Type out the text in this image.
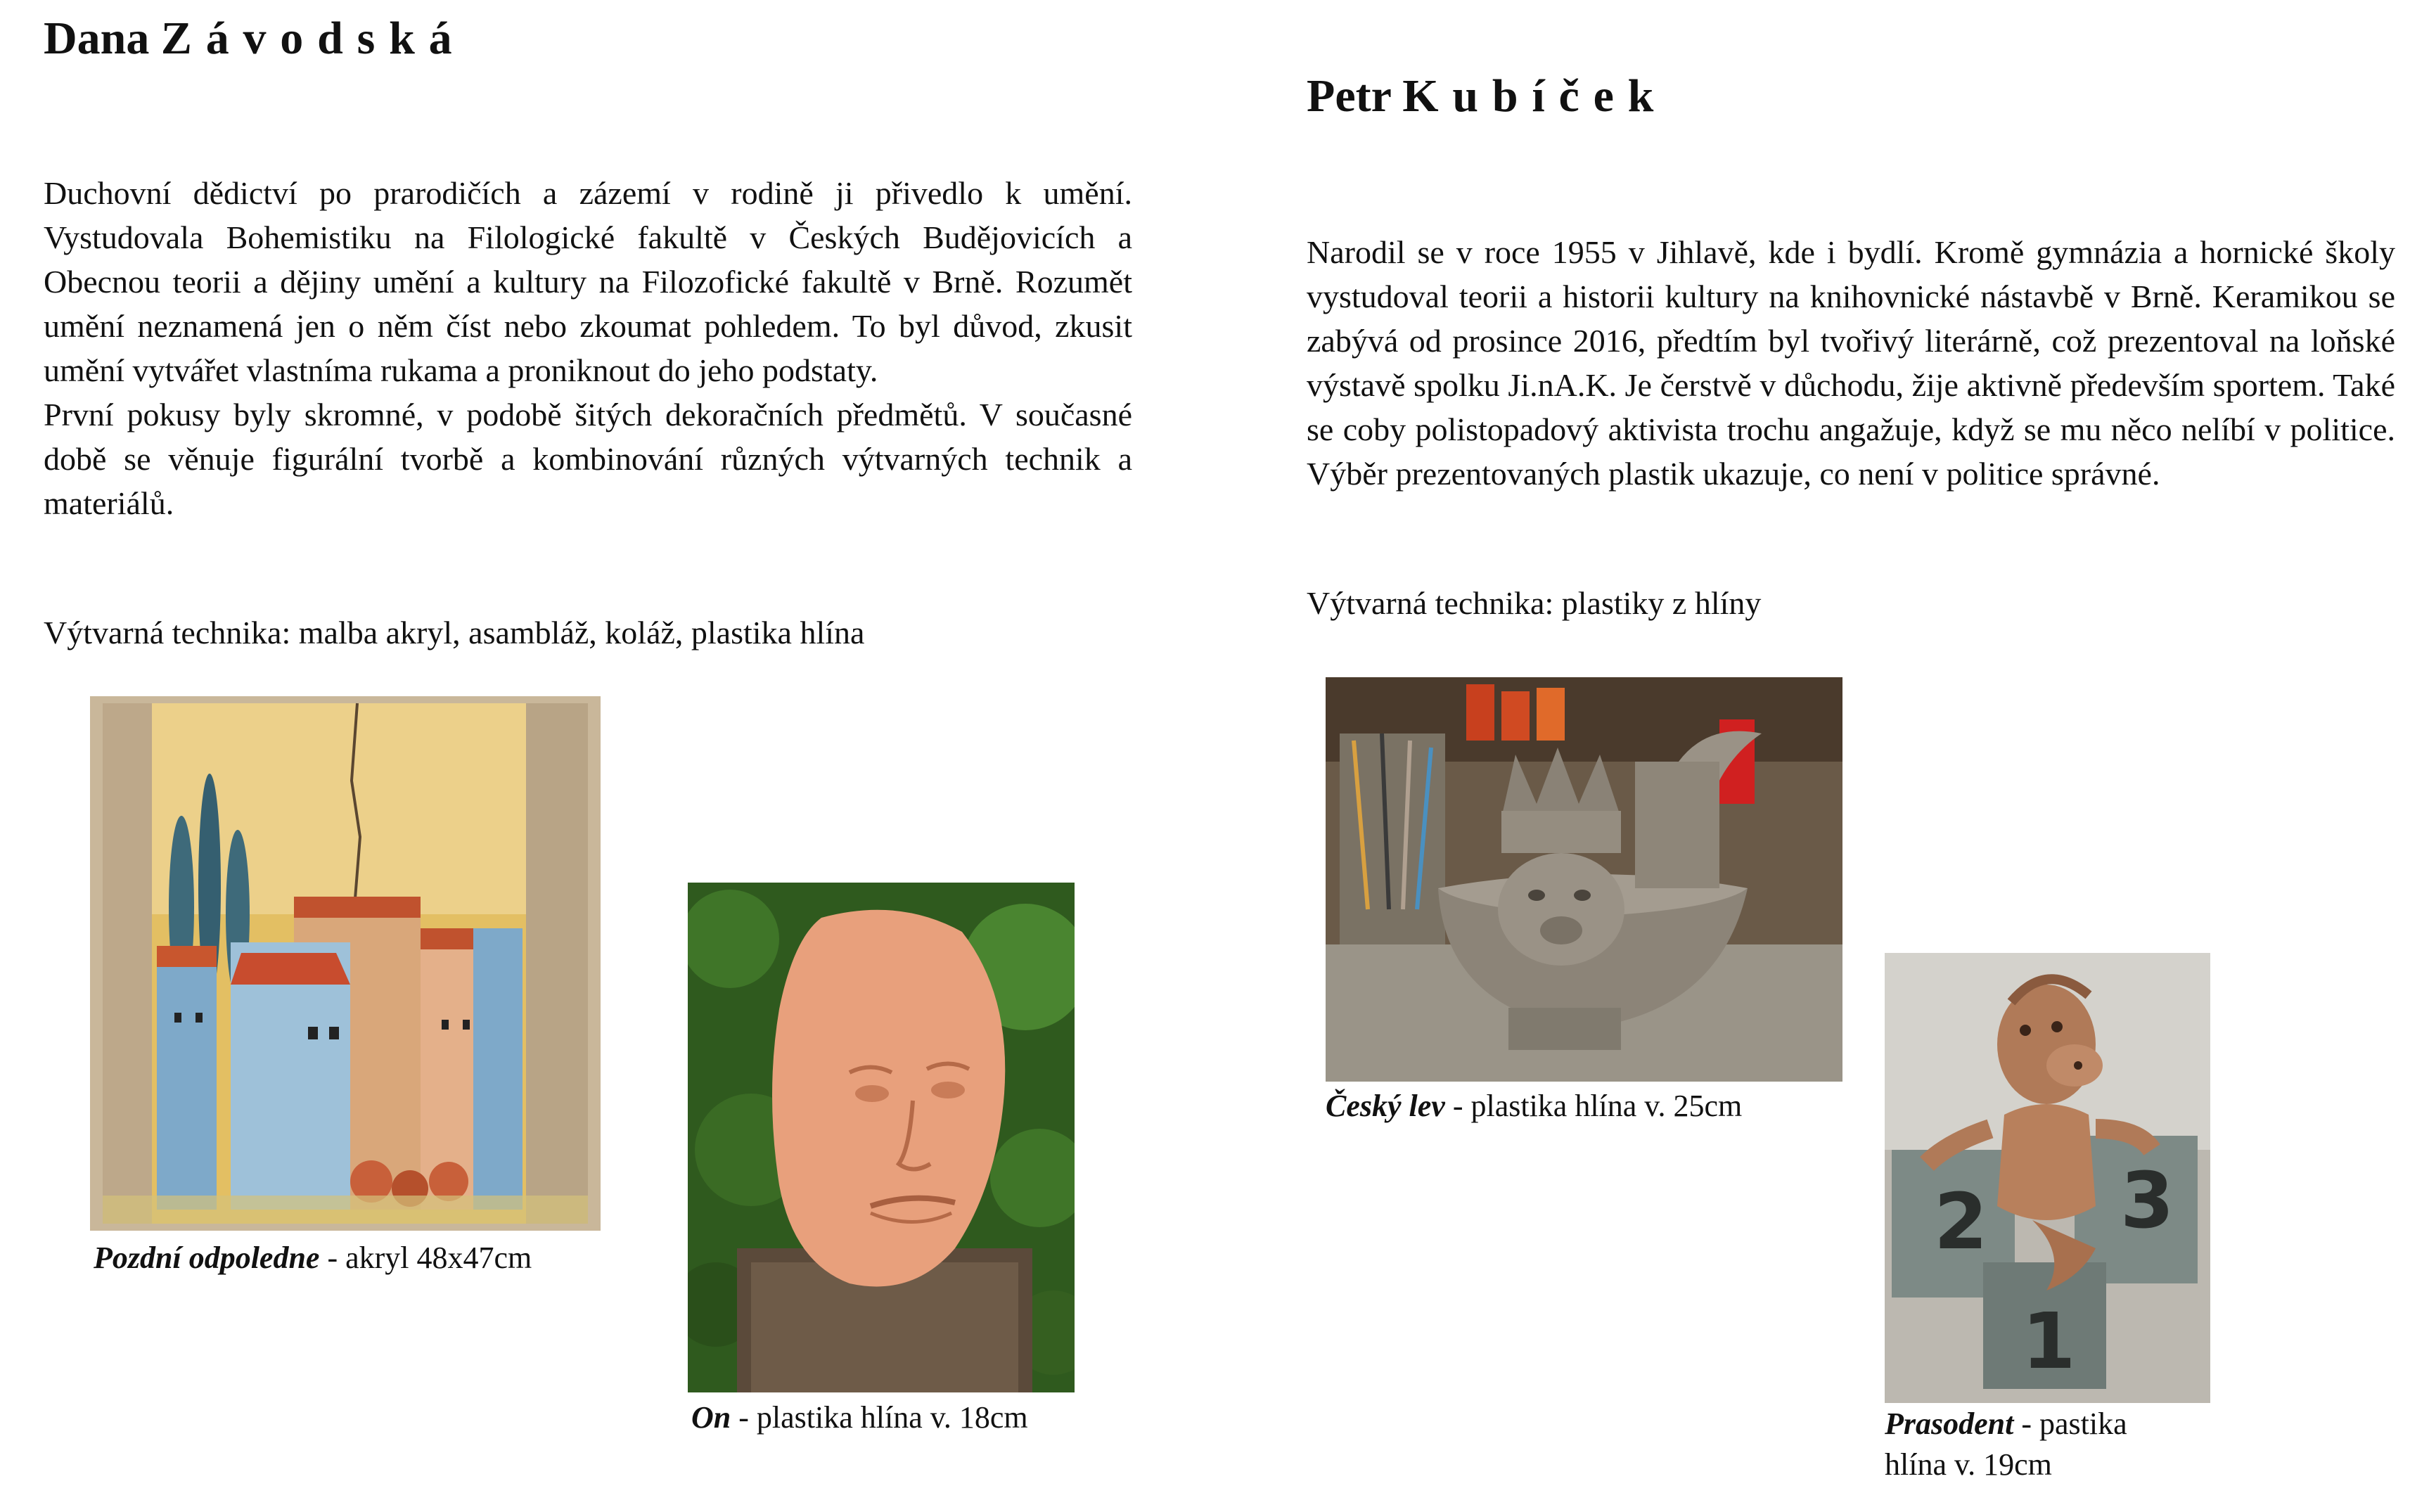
Dana Závodská

Duchovní dědictví po prarodičích a zázemí v rodině ji přivedlo k umění. Vystudovala Bohemistiku na Filologické fakultě v Českých Budějovicích a Obecnou teorii a dějiny umění a kultury na Filozofické fakultě v Brně. Rozumět umění neznamená jen o něm číst nebo zkoumat pohledem. To byl důvod, zkusit umění vytvářet vlastníma rukama a proniknout do jeho podstaty.

První pokusy byly skromné, v podobě šitých dekoračních předmětů. V současné době se věnuje figurální tvorbě a kombinování různých výtvarných technik a materiálů.

Výtvarná technika: malba akryl, asambláž, koláž, plastika hlína

Pozdní odpoledne - akryl 48x47cm

On - plastika hlína v. 18cm

Petr Kubíček

Narodil se v roce 1955 v Jihlavě, kde i bydlí. Kromě gymnázia a hornické školy vystudoval teorii a historii kultury na knihovnické nástavbě v Brně. Keramikou se zabývá od prosince 2016, předtím byl tvořivý literárně, což prezentoval na loňské výstavě spolku Ji.nA.K. Je čerstvě v důchodu, žije aktivně především sportem. Také se coby polistopadový aktivista trochu angažuje, když se mu něco nelíbí v politice. Výběr prezentovaných plastik ukazuje, co není v politice správné.

Výtvarná technika: plastiky z hlíny

Český lev - plastika hlína v. 25cm

2 3
1

Prasodent - pastika hlína v. 19cm
